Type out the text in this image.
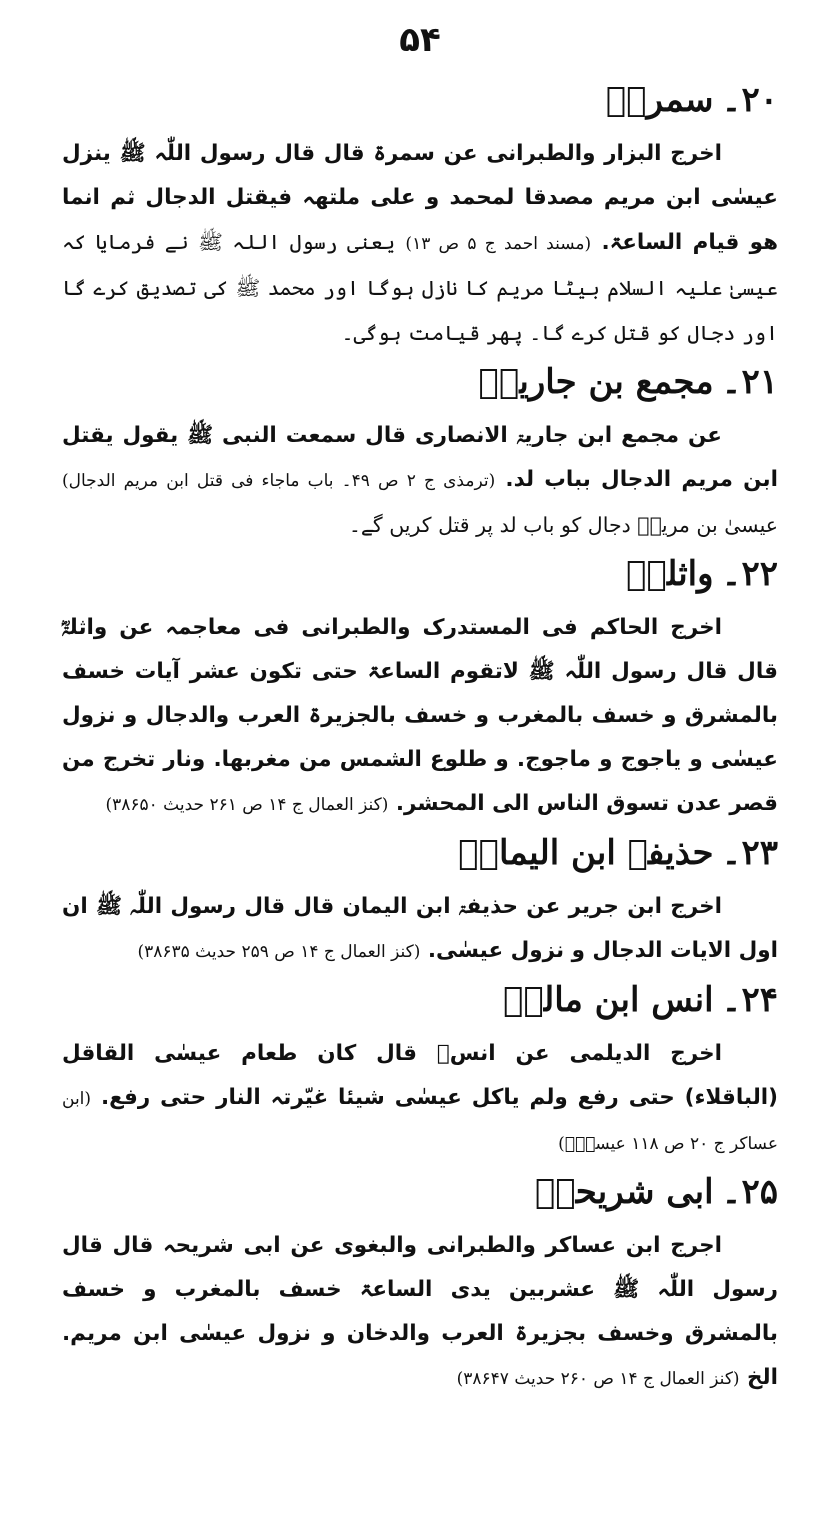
۵۴
۲۰۔سمرۃؓ

اخرج البزار والطبرانی عن سمرۃ قال قال رسول اللّٰہ ﷺ ینزل عیسٰی ابن مریم مصدقا لمحمد و علی ملتھہ فیقتل الدجال ثم انما ھو قیام الساعۃ. (مسند احمد ج ۵ ص ۱۳) یعنی رسول اللہ ﷺ نے فرمایا کہ عیسیٰ علیہ السلام بیٹا مریم کا نازل ہوگا اور محمد ﷺ کی تصدیق کرے گا اور دجال کو قتل کرے گا۔ پھر قیامت ہوگی۔

۲۱۔مجمع بن جاریہؓ

عن مجمع ابن جاریۃ الانصاری قال سمعت النبی ﷺ یقول یقتل ابن مریم الدجال بباب لد. (ترمذی ج ۲ ص ۴۹۔ باب ماجاء فی قتل ابن مریم الدجال) عیسیٰ بن مریمؑ دجال کو باب لد پر قتل کریں گے۔

۲۲۔واثلہؓ

اخرج الحاکم فی المستدرک والطبرانی فی معاجمہ عن واثلۃؓ قال قال رسول اللّٰہ ﷺ لاتقوم الساعۃ حتی تکون عشر آیات خسف بالمشرق و خسف بالمغرب و خسف بالجزیرۃ العرب والدجال و نزول عیسٰی و یاجوج و ماجوج. و طلوع الشمس من مغربھا. ونار تخرج من قصر عدن تسوق الناس الی المحشر. (کنز العمال ج ۱۴ ص ۲۶۱ حدیث ۳۸۶۵۰)

۲۳۔حذیفۃ ابن الیمانؓ

اخرج ابن جریر عن حذیفۃ ابن الیمان قال قال رسول اللّٰہ ﷺ ان اول الایات الدجال و نزول عیسٰی. (کنز العمال ج ۱۴ ص ۲۵۹ حدیث ۳۸۶۳۵)

۲۴۔انس ابن مالکؓ

اخرج الدیلمی عن انسؓ قال کان طعام عیسٰی القاقل (الباقلاء) حتی رفع ولم یاکل عیسٰی شیئا غیّرتہ النار حتی رفع. (ابن عساکر ج ۲۰ ص ۱۱۸ عیسیٰؑ)

۲۵۔ابی شریحہؓ

اجرج ابن عساکر والطبرانی والبغوی عن ابی شریحہ قال قال رسول اللّٰہ ﷺ عشربین یدی الساعۃ خسف بالمغرب و خسف بالمشرق وخسف بجزیرۃ العرب والدخان و نزول عیسٰی ابن مریم. الخ (کنز العمال ج ۱۴ ص ۲۶۰ حدیث ۳۸۶۴۷)
